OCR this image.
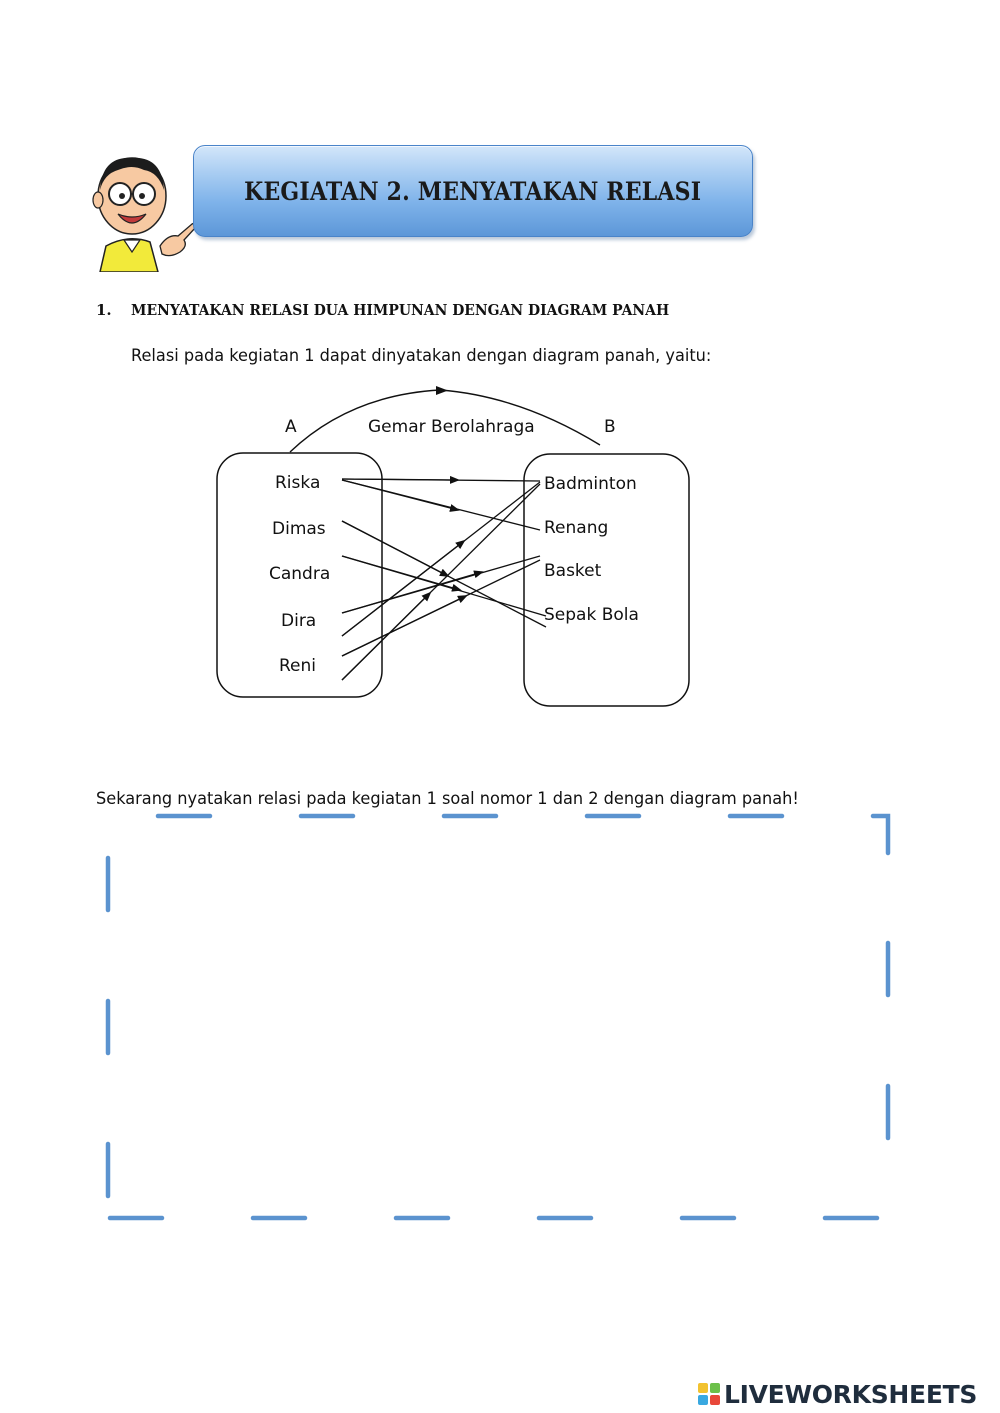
KEGIATAN 2. MENYATAKAN RELASI
1. MENYATAKAN RELASI DUA HIMPUNAN DENGAN DIAGRAM PANAH
Relasi pada kegiatan 1 dapat dinyatakan dengan diagram panah, yaitu:
A	Gemar Berolahraga	B
Riska
Dimas
Candra
Dira
Reni
Badminton
Renang
Basket
Sepak Bola
Sekarang nyatakan relasi pada kegiatan 1 soal nomor 1 dan 2 dengan diagram panah!
LIVEWORKSHEETS
